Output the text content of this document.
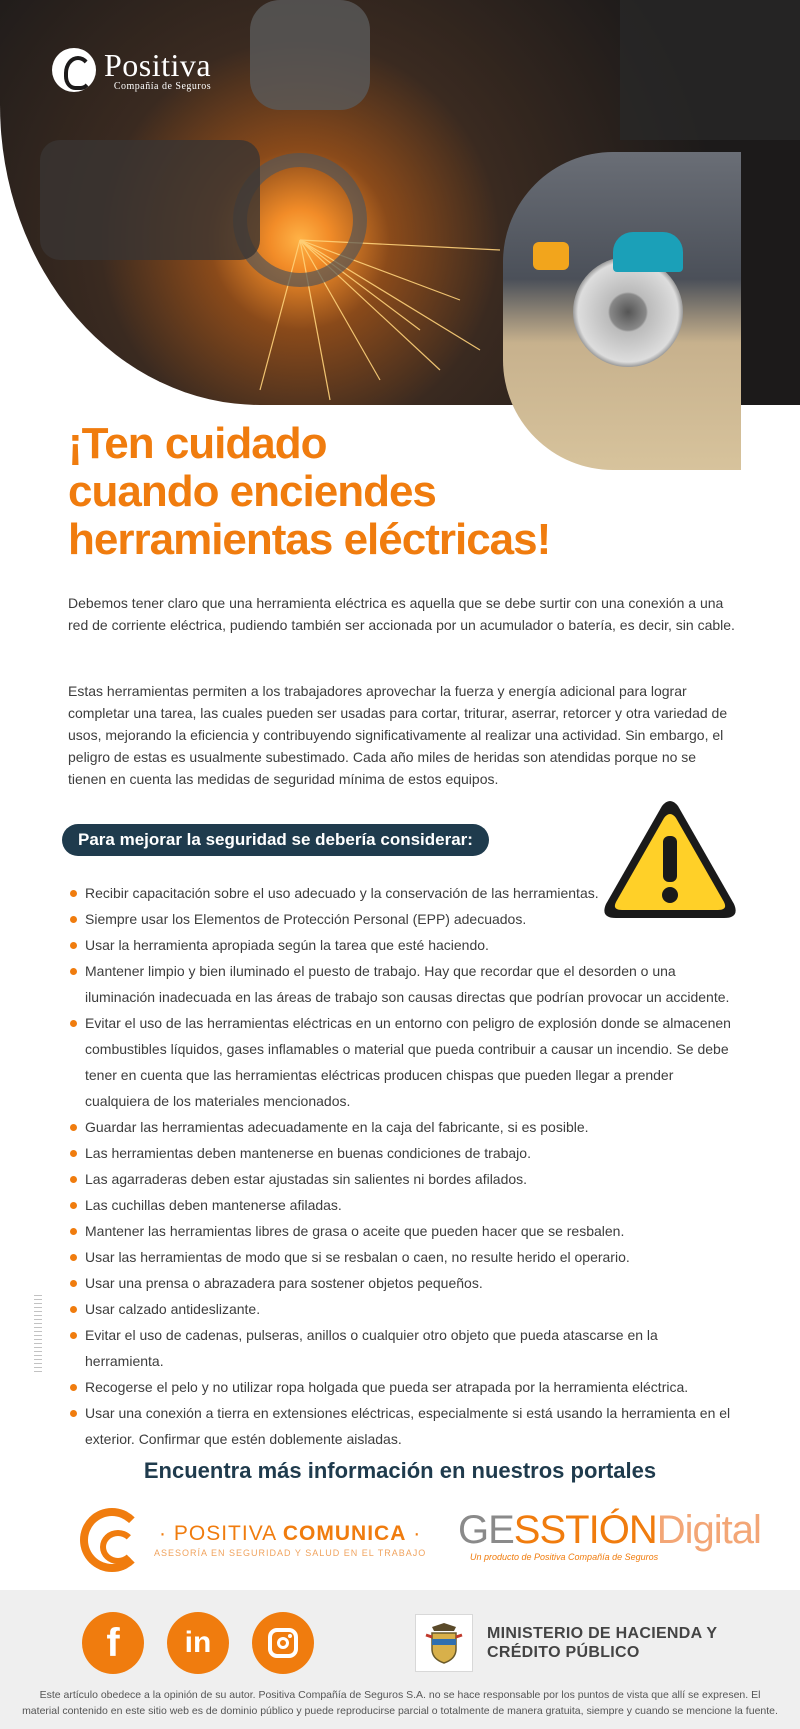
Positiva
Compañía de Seguros
¡Ten cuidado
cuando enciendes
herramientas eléctricas!

Debemos tener claro que una herramienta eléctrica es aquella que se debe surtir con una conexión a una red de corriente eléctrica, pudiendo también ser accionada por un acumulador o batería, es decir, sin cable.

Estas herramientas permiten a los trabajadores aprovechar la fuerza y energía adicional para lograr completar una tarea, las cuales pueden ser usadas para cortar, triturar, aserrar, retorcer y otra variedad de usos, mejorando la eficiencia y contribuyendo significativamente al realizar una actividad. Sin embargo, el peligro de estas es usualmente subestimado. Cada año miles de heridas son atendidas porque no se tienen en cuenta las medidas de seguridad mínima de estos equipos.

Para mejorar la seguridad se debería considerar:
Recibir capacitación sobre el uso adecuado y la conservación de las herramientas.
Siempre usar los Elementos de Protección Personal (EPP) adecuados.
Usar la herramienta apropiada según la tarea que esté haciendo.
Mantener limpio y bien iluminado el puesto de trabajo. Hay que recordar que el desorden o una iluminación inadecuada en las áreas de trabajo son causas directas que podrían provocar un accidente.
Evitar el uso de las herramientas eléctricas en un entorno con peligro de explosión donde se almacenen combustibles líquidos, gases inflamables o material que pueda contribuir a causar un incendio. Se debe tener en cuenta que las herramientas eléctricas producen chispas que pueden llegar a prender cualquiera de los materiales mencionados.
Guardar las herramientas adecuadamente en la caja del fabricante, si es posible.
Las herramientas deben mantenerse en buenas condiciones de trabajo.
Las agarraderas deben estar ajustadas sin salientes ni bordes afilados.
Las cuchillas deben mantenerse afiladas.
Mantener las herramientas libres de grasa o aceite que pueden hacer que se resbalen.
Usar las herramientas de modo que si se resbalan o caen, no resulte herido el operario.
Usar una prensa o abrazadera para sostener objetos pequeños.
Usar calzado antideslizante.
Evitar el uso de cadenas, pulseras, anillos o cualquier otro objeto que pueda atascarse en la herramienta.
Recogerse el pelo y no utilizar ropa holgada que pueda ser atrapada por la herramienta eléctrica.
Usar una conexión a tierra en extensiones eléctricas, especialmente si está usando la herramienta en el exterior. Confirmar que estén doblemente aisladas.
Encuentra más información en nuestros portales
· POSITIVA COMUNICA ·
ASESORÍA EN SEGURIDAD Y SALUD EN EL TRABAJO
GESSTIÓNDigital
Un producto de Positiva Compañía de Seguros
f	in	MINISTERIO DE HACIENDA Y
CRÉDITO PÚBLICO

Este artículo obedece a la opinión de su autor. Positiva Compañía de Seguros S.A. no se hace responsable por los puntos de vista que allí se expresen. El material contenido en este sitio web es de dominio público y puede reproducirse parcial o totalmente de manera gratuita, siempre y cuando se mencione la fuente.
